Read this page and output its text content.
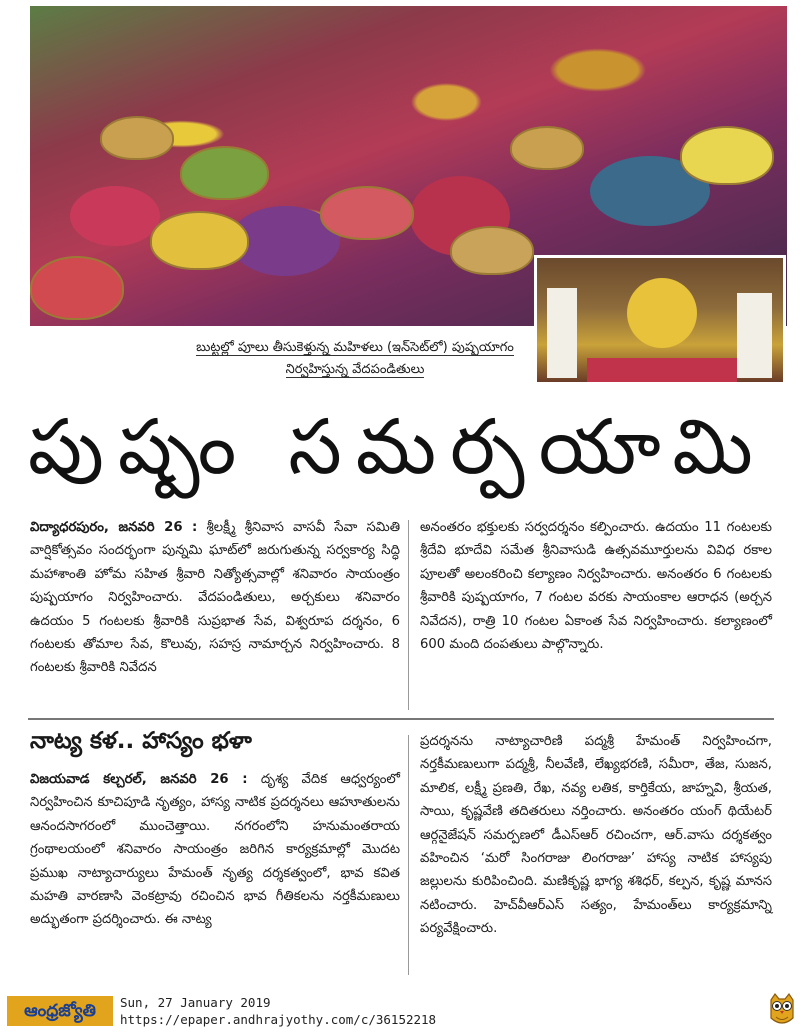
బుట్టల్లో పూలు తీసుకెళ్తున్న మహిళలు (ఇన్‌సెట్‌లో) పుష్పయాగం
నిర్వహిస్తున్న వేదపండితులు
పుష్పం సమర్పయామి

విద్యాధరపురం, జనవరి 26 : శ్రీలక్ష్మీ శ్రీనివాస వాసవీ సేవా సమితి వార్షికోత్సవం సందర్భంగా పున్నమి ఘాట్‌లో జరుగుతున్న సర్వకార్య సిద్ధి మహాశాంతి హోమ సహిత శ్రీవారి నిత్యోత్సవాల్లో శనివారం సాయంత్రం పుష్పయాగం నిర్వహించారు. వేదపండితులు, అర్చకులు శనివారం ఉదయం 5 గంటలకు శ్రీవారికి సుప్రభాత సేవ, విశ్వరూప దర్శనం, 6 గంటలకు తోమాల సేవ, కొలువు, సహస్ర నామార్చన నిర్వహించారు. 8 గంటలకు శ్రీవారికి నివేదన

అనంతరం భక్తులకు సర్వదర్శనం కల్పించారు. ఉదయం 11 గంటలకు శ్రీదేవి భూదేవి సమేత శ్రీనివాసుడి ఉత్సవమూర్తులను వివిధ రకాల పూలతో అలంకరించి కల్యాణం నిర్వహించారు. అనంతరం 6 గంటలకు శ్రీవారికి పుష్పయాగం, 7 గంటల వరకు సాయంకాల ఆరాధన (అర్చన నివేదన), రాత్రి 10 గంటల ఏకాంత సేవ నిర్వహించారు. కల్యాణంలో 600 మంది దంపతులు పాల్గొన్నారు.

నాట్య కళ.. హాస్యం భళా

విజయవాడ కల్చరల్, జనవరి 26 : దృశ్య వేదిక ఆధ్వర్యంలో నిర్వహించిన కూచిపూడి నృత్యం, హాస్య నాటిక ప్రదర్శనలు ఆహూతులను ఆనందసాగరంలో ముంచెత్తాయి. నగరంలోని హనుమంతరాయ గ్రంథాలయంలో శనివారం సాయంత్రం జరిగిన కార్యక్రమాల్లో మొదట ప్రముఖ నాట్యాచార్యులు హేమంత్ నృత్య దర్శకత్వంలో, భావ కవిత మహతి వారణాసి వెంకట్రావు రచించిన భావ గీతికలను నర్తకీమణులు అద్భుతంగా ప్రదర్శించారు. ఈ నాట్య

ప్రదర్శనను నాట్యాచారిణి పద్మశ్రీ హేమంత్ నిర్వహించగా, నర్తకీమణులుగా పద్మశ్రీ, నీలవేణి, లేఖ్యభరణి, సమీరా, తేజ, సుజన, మాలిక, లక్ష్మీ ప్రణతి, రేఖ, నవ్య లతిక, కార్తికేయ, జాహ్నవి, శ్రీయత, సాయి, కృష్ణవేణి తదితరులు నర్తించారు. అనంతరం యంగ్ థియేటర్ ఆర్గనైజేషన్ సమర్పణలో డీఎస్ఆర్ రచించగా, ఆర్.వాసు దర్శకత్వం వహించిన ‘మరో సింగరాజు లింగరాజు’ హాస్య నాటిక హాస్యపు జల్లులను కురిపించింది. మణికృష్ణ భాగ్య శశిధర్, కల్పన, కృష్ణ మానస నటించారు. హెచ్‌వీఆర్ఎస్ సత్యం, హేమంత్‌లు కార్యక్రమాన్ని పర్యవేక్షించారు.

ఆంధ్రజ్యోతి	Sun, 27 January 2019
https://epaper.andhrajyothy.com/c/36152218
